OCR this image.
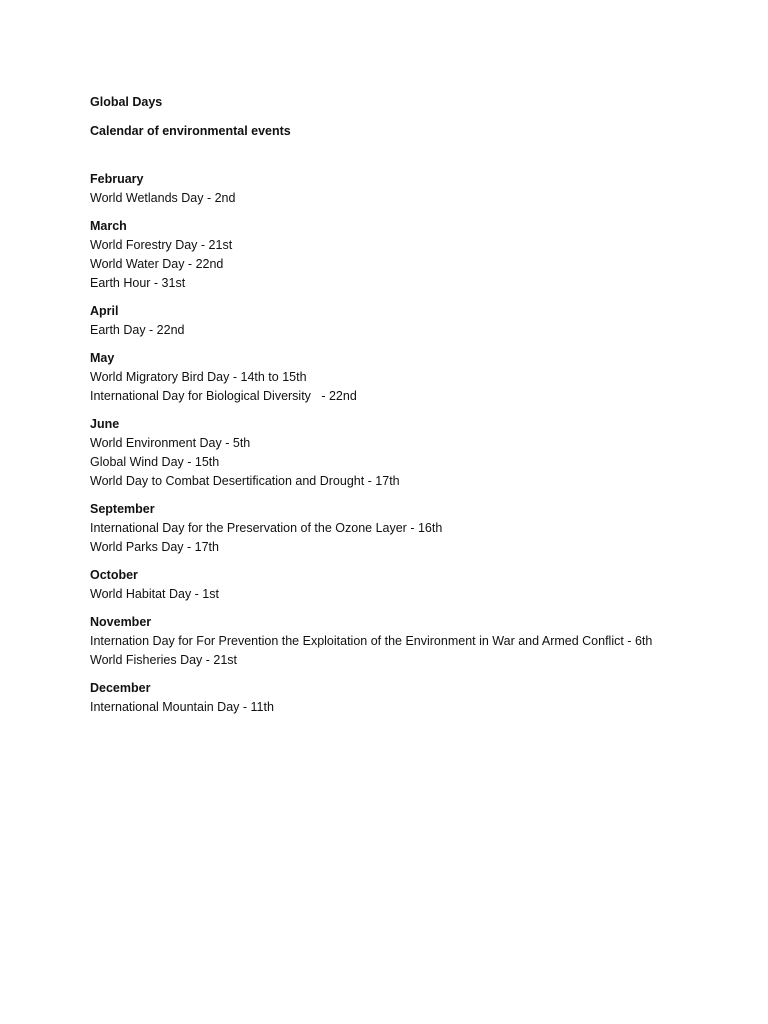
Global Days
Calendar of environmental events
February
World Wetlands Day - 2nd
March
World Forestry Day - 21st
World Water Day - 22nd
Earth Hour - 31st
April
Earth Day - 22nd
May
World Migratory Bird Day - 14th to 15th
International Day for Biological Diversity   - 22nd
June
World Environment Day - 5th
Global Wind Day - 15th
World Day to Combat Desertification and Drought - 17th
September
International Day for the Preservation of the Ozone Layer - 16th
World Parks Day - 17th
October
World Habitat Day - 1st
November
Internation Day for For Prevention the Exploitation of the Environment in War and Armed Conflict - 6th
World Fisheries Day - 21st
December
International Mountain Day - 11th
